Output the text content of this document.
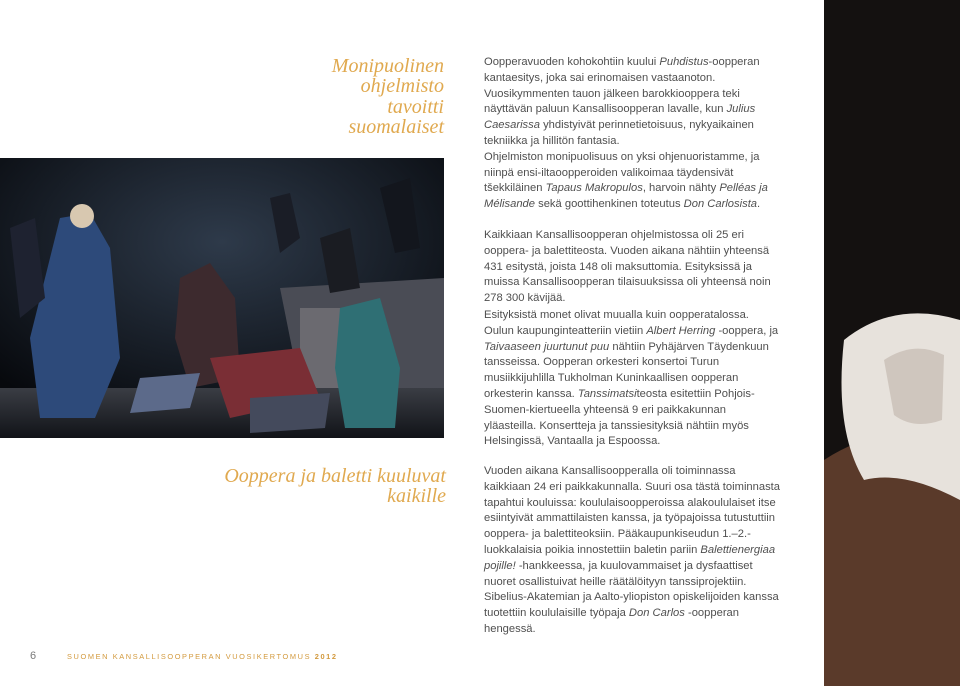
Monipuolinen
ohjelmisto
tavoitti
suomalaiset

Oopperavuoden kohokohtiin kuului Puhdistus-oopperan kantaesitys, joka sai erinomaisen vastaanoton. Vuosikymmenten tauon jälkeen barokkiooppera teki näyttävän paluun Kansallisoopperan lavalle, kun Julius Caesarissa yhdistyivät perinnetietoisuus, nykyaikainen tekniikka ja hillitön fantasia.

Ohjelmiston monipuolisuus on yksi ohjenuoristamme, ja niinpä ensi-iltaoopperoiden valikoimaa täydensivät tšekkiläinen Tapaus Makropulos, harvoin nähty Pelléas ja Mélisande sekä goottihenkinen toteutus Don Carlosista.

Kaikkiaan Kansallisoopperan ohjelmistossa oli 25 eri oopperа- ja balettiteosta. Vuoden aikana nähtiin yhteensä 431 esitystä, joista 148 oli maksuttomia. Esityksissä ja muissa Kansallisoopperan tilaisuuksissa oli yhteensä noin 278 300 kävijää.

Esityksistä monet olivat muualla kuin oopperatalossa. Oulun kaupunginteatteriin vietiin Albert Herring -ooppera, ja Taivaaseen juurtunut puu nähtiin Pyhäjärven Täydenkuun tansseissa. Oopperan orkesteri konsertoi Turun musiikkijuhlilla Tukholman Kuninkaallisen oopperan orkesterin kanssa. Tanssimatsiteosta esitettiin Pohjois-Suomen-kiertueella yhteensä 9 eri paikkakunnan yläasteilla. Konsertteja ja tanssiesityksiä nähtiin myös Helsingissä, Vantaalla ja Espoossa.

Don Carlos: Mika Kares
Ooppera ja baletti kuuluvat kaikille

Vuoden aikana Kansallisoopperalla oli toiminnassa kaikkiaan 24 eri paikkakunnalla. Suuri osa tästä toiminnasta tapahtui kouluissa: koululaisoopperoissa alakoululaiset itse esiintyivät ammattilaisten kanssa, ja työpajoissa tutustuttiin ooppera- ja balettiteoksiin. Pääkaupunkiseudun 1.–2.-luokkalaisia poikia innostettiin baletin pariin Balettienergiaa pojille! -hankkeessa, ja kuulovammaiset ja dysfaattiset nuoret osallistuivat heille räätälöityyn tanssiprojektiin. Sibelius-Akatemian ja Aalto-yliopiston opiskelijoiden kanssa tuotettiin koululaisille työpaja Don Carlos -oopperan hengessä.

6	SUOMEN KANSALLISOOPPERAN VUOSIKERTOMUS 2012
